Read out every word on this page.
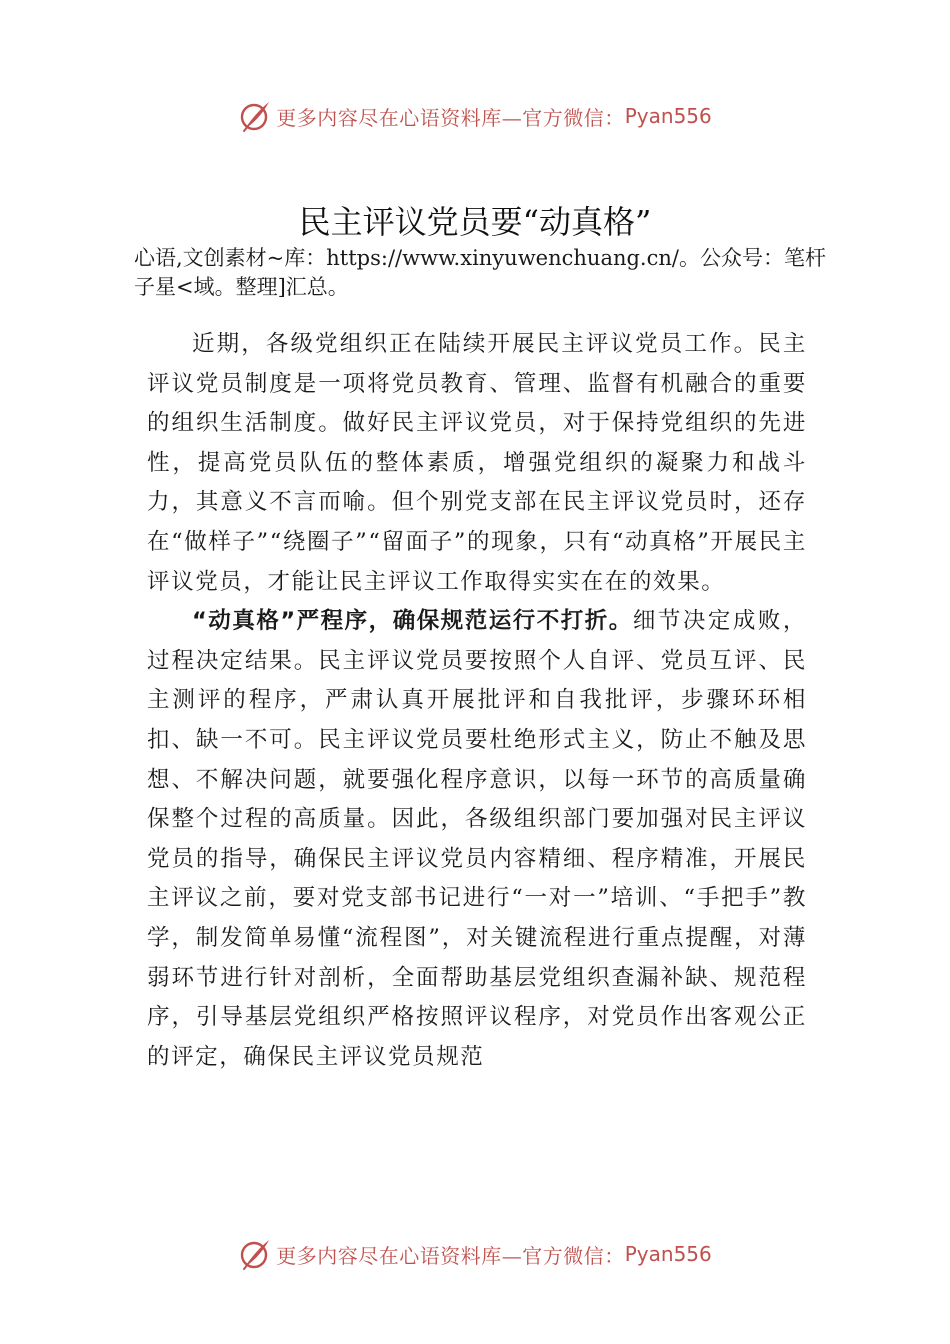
更多内容尽在心语资料库—官方微信： Pyan556
民主评议党员要“动真格”

心语,文创素材~库：https://www.xinyuwenchuang.cn/。公众号：笔杆子星<域。整理]汇总。

近期，各级党组织正在陆续开展民主评议党员工作。民主评议党员制度是一项将党员教育、管理、监督有机融合的重要的组织生活制度。做好民主评议党员，对于保持党组织的先进性，提高党员队伍的整体素质，增强党组织的凝聚力和战斗力，其意义不言而喻。但个别党支部在民主评议党员时，还存在“做样子”“绕圈子”“留面子”的现象，只有“动真格”开展民主评议党员，才能让民主评议工作取得实实在在的效果。

“动真格”严程序，确保规范运行不打折。细节决定成败，过程决定结果。民主评议党员要按照个人自评、党员互评、民主测评的程序，严肃认真开展批评和自我批评，步骤环环相扣、缺一不可。民主评议党员要杜绝形式主义，防止不触及思想、不解决问题，就要强化程序意识，以每一环节的高质量确保整个过程的高质量。因此，各级组织部门要加强对民主评议党员的指导，确保民主评议党员内容精细、程序精准，开展民主评议之前，要对党支部书记进行“一对一”培训、“手把手”教学，制发简单易懂“流程图”，对关键流程进行重点提醒，对薄弱环节进行针对剖析，全面帮助基层党组织查漏补缺、规范程序，引导基层党组织严格按照评议程序，对党员作出客观公正的评定，确保民主评议党员规范

更多内容尽在心语资料库—官方微信： Pyan556
